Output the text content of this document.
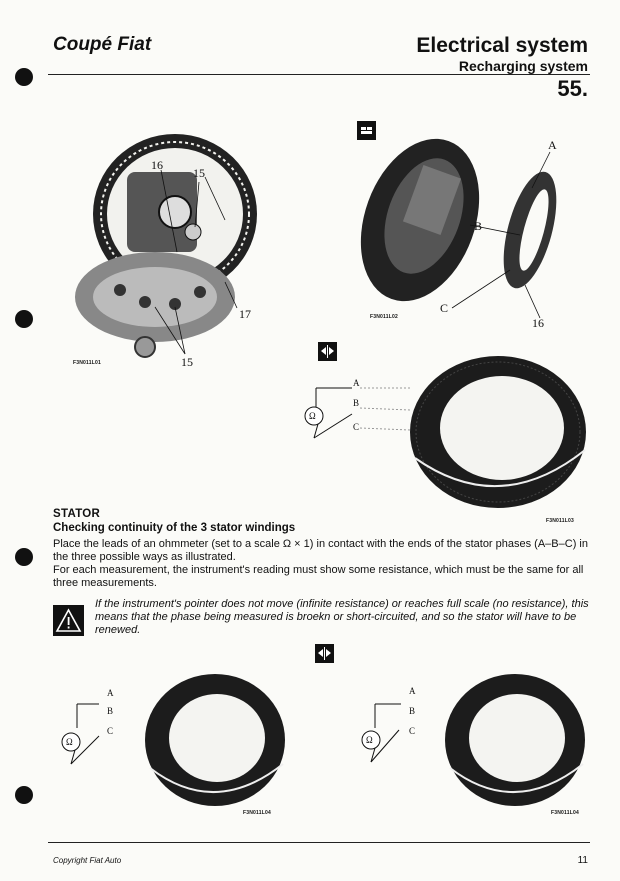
Coupé Fiat	Electrical system
Recharging system
55.
16
15
17
15
F3N011L01
A
B
C
16
F3N011L02
A
B
C
Ω
F3N011L03
STATOR
Checking continuity of the 3 stator windings
Place the leads of an ohmmeter (set to a scale Ω × 1) in contact with the ends of the stator phases (A–B–C) in the three possible ways as illustrated.
For each measurement, the instrument's reading must show some resistance, which must be the same for all three measurements.
If the instrument's pointer does not move (infinite resistance) or reaches full scale (no resistance), this means that the phase being measured is broekn or short-circuited, and so the stator will have to be renewed.
A
B
C
Ω
F3N011L04
A
B
C
Ω
F3N011L04
Copyright Fiat Auto	11
